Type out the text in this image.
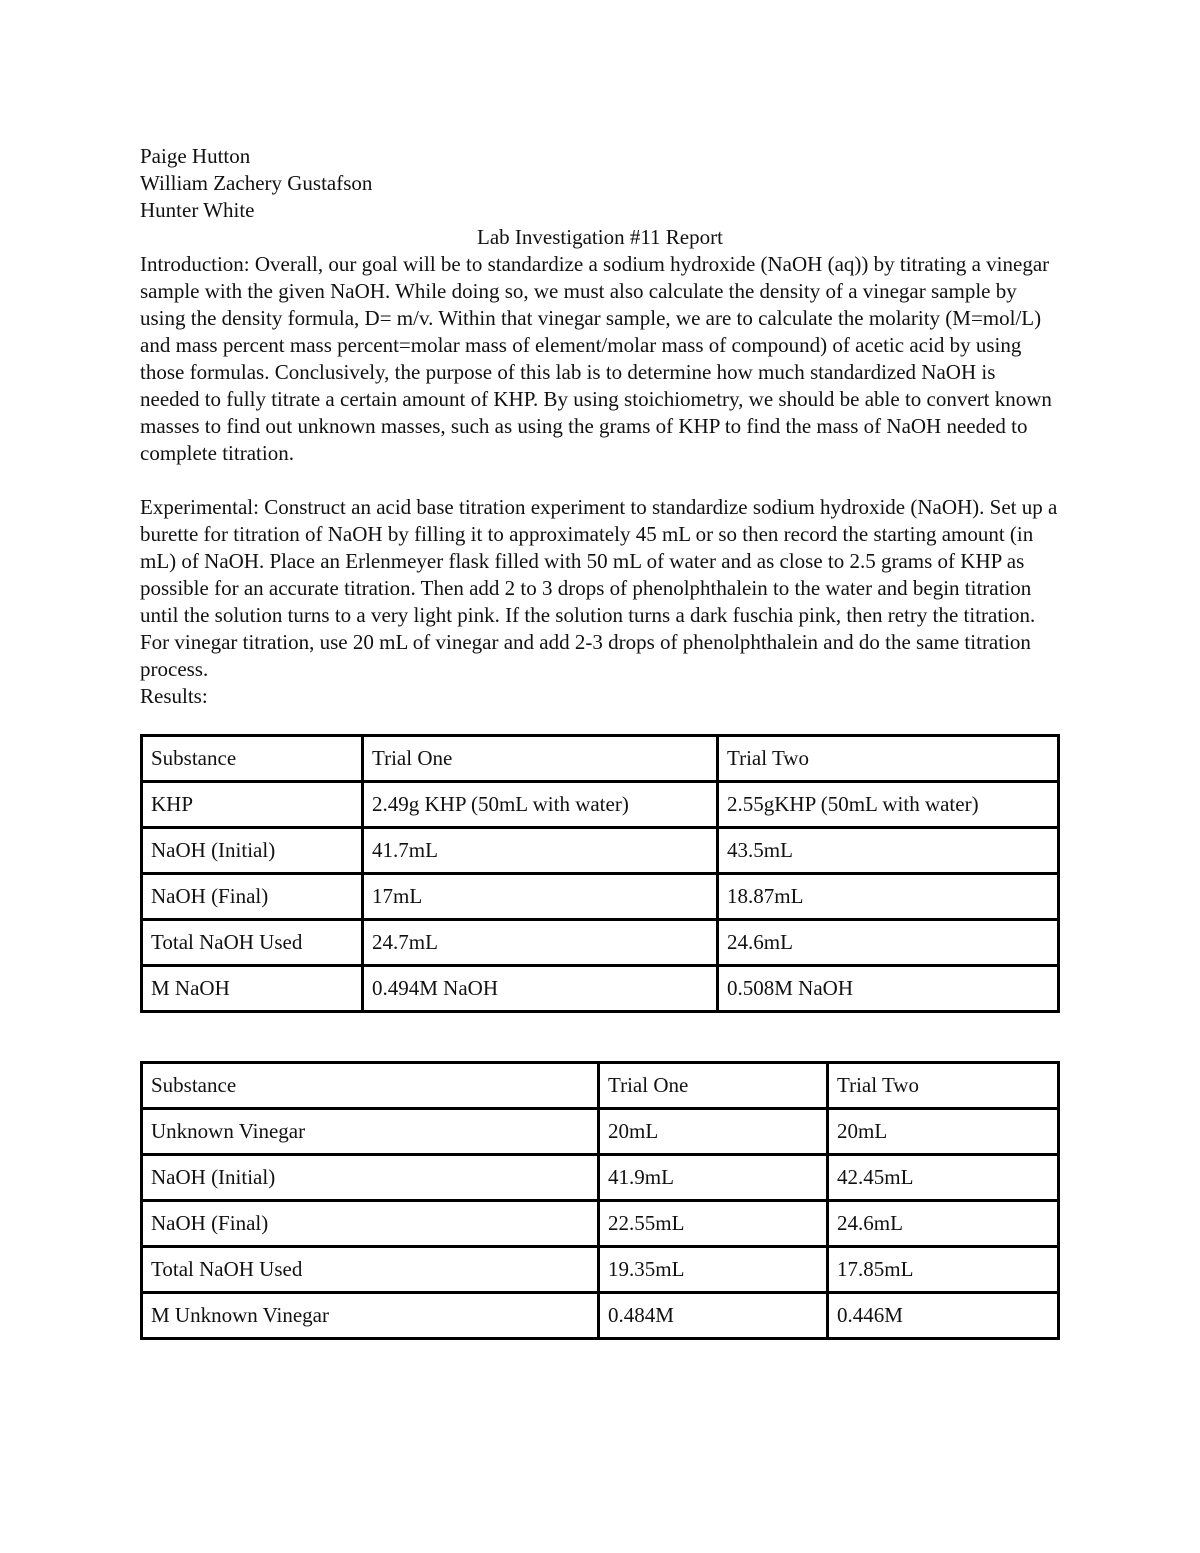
Paige Hutton
William Zachery Gustafson
Hunter White
Lab Investigation #11 Report
Introduction: Overall, our goal will be to standardize a sodium hydroxide (NaOH (aq)) by titrating a vinegar sample with the given NaOH. While doing so, we must also calculate the density of a vinegar sample by using the density formula, D= m/v. Within that vinegar sample, we are to calculate the molarity (M=mol/L) and mass percent mass percent=molar mass of element/molar mass of compound) of acetic acid by using those formulas. Conclusively, the purpose of this lab is to determine how much standardized NaOH is needed to fully titrate a certain amount of KHP. By using stoichiometry, we should be able to convert known masses to find out unknown masses, such as using the grams of KHP to find the mass of NaOH needed to complete titration.
Experimental: Construct an acid base titration experiment to standardize sodium hydroxide (NaOH). Set up a burette for titration of NaOH by filling it to approximately 45 mL or so then record the starting amount (in mL) of NaOH. Place an Erlenmeyer flask filled with 50 mL of water and as close to 2.5 grams of KHP as possible for an accurate titration. Then add 2 to 3 drops of phenolphthalein to the water and begin titration until the solution turns to a very light pink. If the solution turns a dark fuschia pink, then retry the titration. For vinegar titration, use 20 mL of vinegar and add 2-3 drops of phenolphthalein and do the same titration process.
Results:
Substance	Trial One	Trial Two
KHP	2.49g KHP (50mL with water)	2.55gKHP (50mL with water)
NaOH (Initial)	41.7mL	43.5mL
NaOH (Final)	17mL	18.87mL
Total NaOH Used	24.7mL	24.6mL
M NaOH	0.494M NaOH	0.508M NaOH
Substance	Trial One	Trial Two
Unknown Vinegar	20mL	20mL
NaOH (Initial)	41.9mL	42.45mL
NaOH (Final)	22.55mL	24.6mL
Total NaOH Used	19.35mL	17.85mL
M Unknown Vinegar	0.484M	0.446M
